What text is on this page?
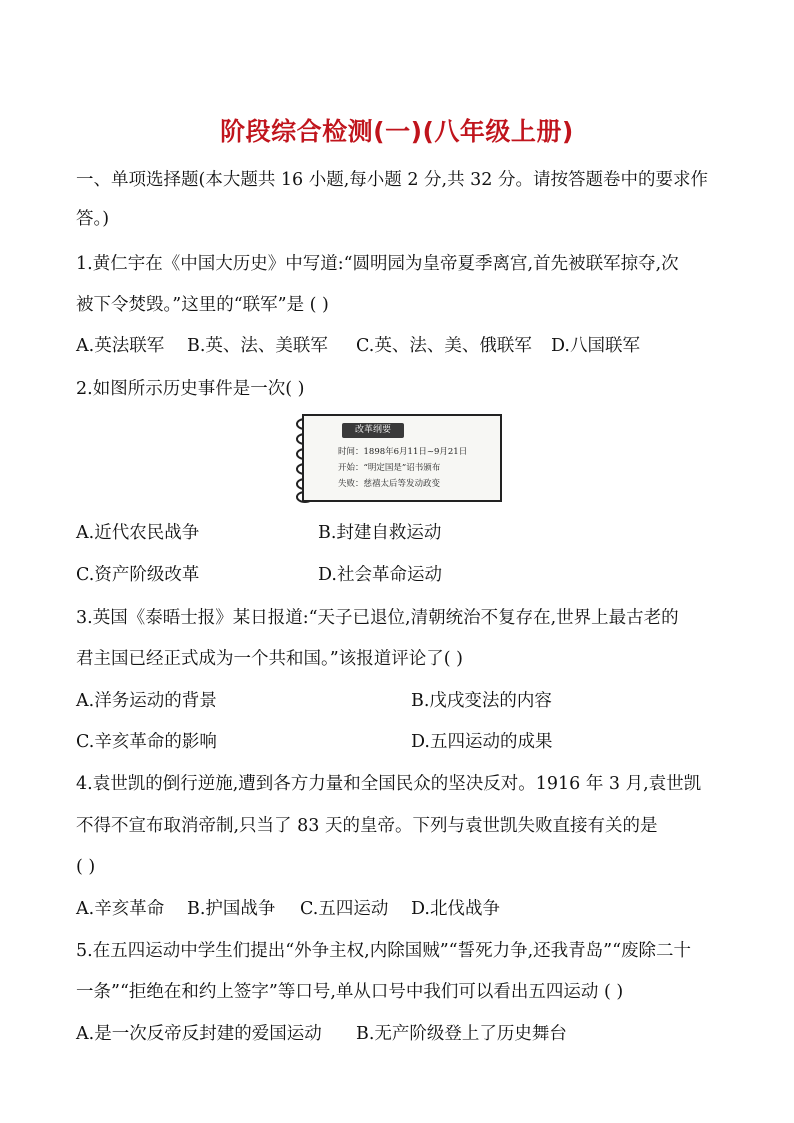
阶段综合检测(一)(八年级上册)
一、单项选择题(本大题共 16 小题,每小题 2 分,共 32 分。请按答题卷中的要求作
答。)
1.黄仁宇在《中国大历史》中写道:“圆明园为皇帝夏季离宫,首先被联军掠夺,次
被下令焚毁。”这里的“联军”是 ( )
A.英法联军 B.英、法、美联军 C.英、法、美、俄联军 D.八国联军
2.如图所示历史事件是一次( )
改革纲要
时间：1898年6月11日~9月21日
开始：“明定国是”诏书颁布
失败：慈禧太后等发动政变
A.近代农民战争	B.封建自救运动
C.资产阶级改革	D.社会革命运动
3.英国《泰晤士报》某日报道:“天子已退位,清朝统治不复存在,世界上最古老的
君主国已经正式成为一个共和国。”该报道评论了( )
A.洋务运动的背景	B.戊戌变法的内容
C.辛亥革命的影响	D.五四运动的成果
4.袁世凯的倒行逆施,遭到各方力量和全国民众的坚决反对。1916 年 3 月,袁世凯
不得不宣布取消帝制,只当了 83 天的皇帝。下列与袁世凯失败直接有关的是
( )
A.辛亥革命 B.护国战争 C.五四运动 D.北伐战争
5.在五四运动中学生们提出“外争主权,内除国贼”“誓死力争,还我青岛”“废除二十
一条”“拒绝在和约上签字”等口号,单从口号中我们可以看出五四运动 ( )
A.是一次反帝反封建的爱国运动 B.无产阶级登上了历史舞台
